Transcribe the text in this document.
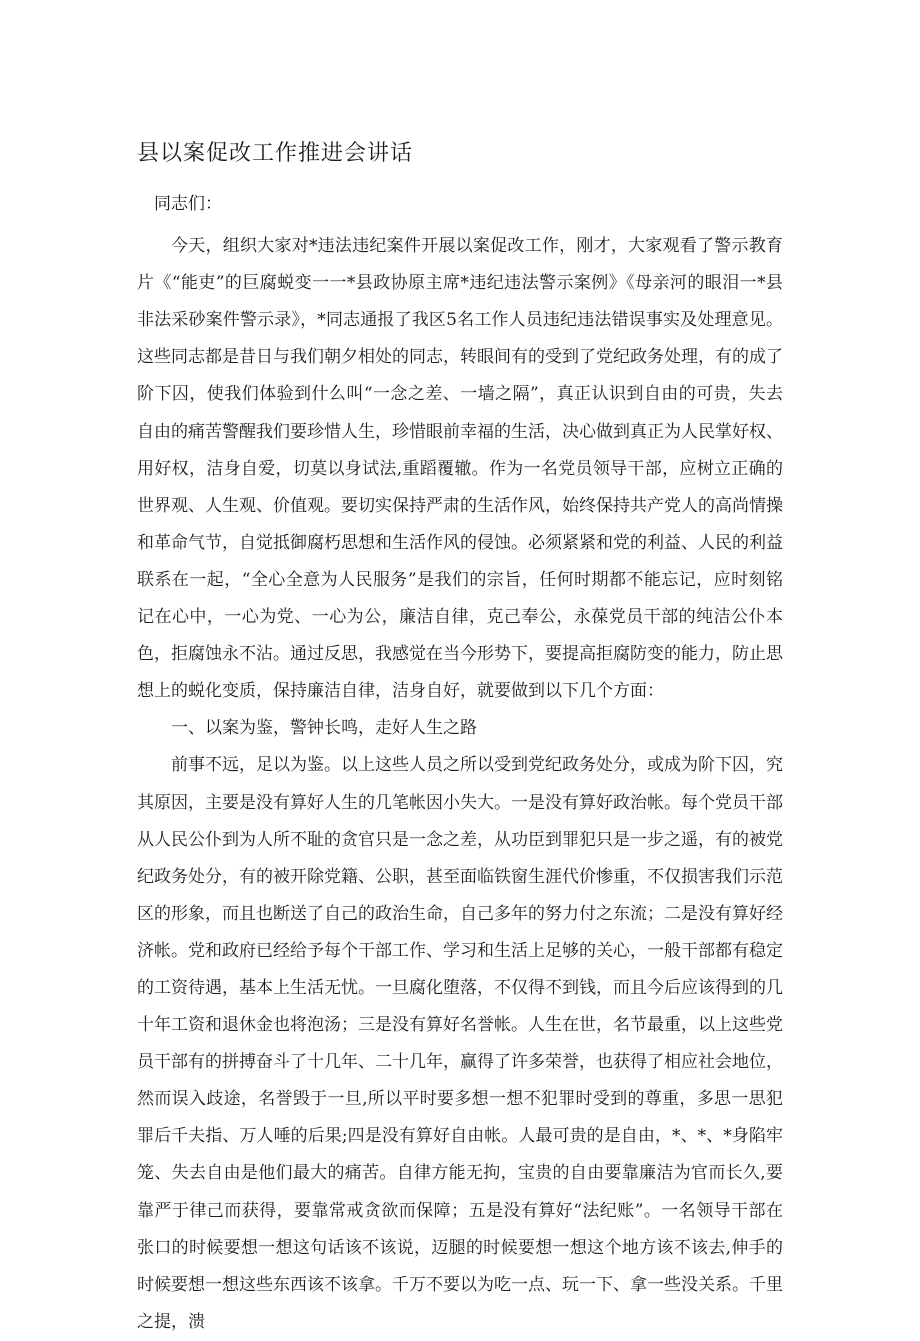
县以案促改工作推进会讲话

同志们：

今天，组织大家对*违法违纪案件开展以案促改工作，刚才，大家观看了警示教育片《“能吏”的巨腐蜕变一一*县政协原主席*违纪违法警示案例》《母亲河的眼泪一*县非法采砂案件警示录》，*同志通报了我区5名工作人员违纪违法错误事实及处理意见。这些同志都是昔日与我们朝夕相处的同志，转眼间有的受到了党纪政务处理，有的成了阶下囚，使我们体验到什么叫“一念之差、一墙之隔”，真正认识到自由的可贵，失去自由的痛苦警醒我们要珍惜人生，珍惜眼前幸福的生活，决心做到真正为人民掌好权、用好权，洁身自爱，切莫以身试法,重蹈覆辙。作为一名党员领导干部，应树立正确的世界观、人生观、价值观。要切实保持严肃的生活作风，始终保持共产党人的高尚情操和革命气节，自觉抵御腐朽思想和生活作风的侵蚀。必须紧紧和党的利益、人民的利益联系在一起，“全心全意为人民服务”是我们的宗旨，任何时期都不能忘记，应时刻铭记在心中，一心为党、一心为公，廉洁自律，克己奉公，永葆党员干部的纯洁公仆本色，拒腐蚀永不沾。通过反思，我感觉在当今形势下，要提高拒腐防变的能力，防止思想上的蜕化变质，保持廉洁自律，洁身自好，就要做到以下几个方面：

一、以案为鉴，警钟长鸣，走好人生之路

前事不远，足以为鉴。以上这些人员之所以受到党纪政务处分，或成为阶下囚，究其原因，主要是没有算好人生的几笔帐因小失大。一是没有算好政治帐。每个党员干部从人民公仆到为人所不耻的贪官只是一念之差，从功臣到罪犯只是一步之遥，有的被党纪政务处分，有的被开除党籍、公职，甚至面临铁窗生涯代价惨重，不仅损害我们示范区的形象，而且也断送了自己的政治生命，自己多年的努力付之东流；二是没有算好经济帐。党和政府已经给予每个干部工作、学习和生活上足够的关心，一般干部都有稳定的工资待遇，基本上生活无忧。一旦腐化堕落，不仅得不到钱，而且今后应该得到的几十年工资和退休金也将泡汤；三是没有算好名誉帐。人生在世，名节最重，以上这些党员干部有的拼搏奋斗了十几年、二十几年，赢得了许多荣誉，也获得了相应社会地位，然而误入歧途，名誉毁于一旦,所以平时要多想一想不犯罪时受到的尊重，多思一思犯罪后千夫指、万人唾的后果;四是没有算好自由帐。人最可贵的是自由，*、*、*身陷牢笼、失去自由是他们最大的痛苦。自律方能无拘，宝贵的自由要靠廉洁为官而长久,要靠严于律己而获得，要靠常戒贪欲而保障；五是没有算好“法纪账”。一名领导干部在张口的时候要想一想这句话该不该说，迈腿的时候要想一想这个地方该不该去,伸手的时候要想一想这些东西该不该拿。千万不要以为吃一点、玩一下、拿一些没关系。千里之提，溃
